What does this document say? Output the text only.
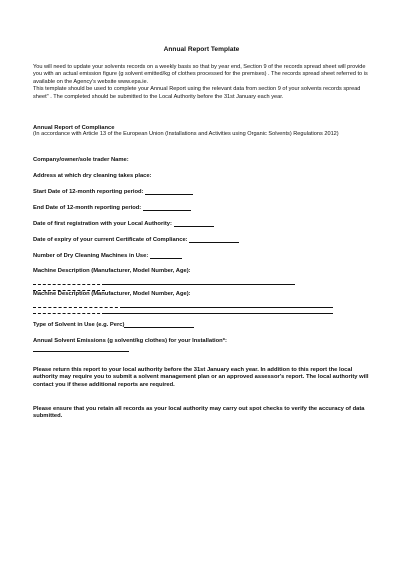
Annual Report Template

You will need to update your solvents records on a weekly basis so that by year end, Section 9 of the records spread sheet will provide you with an actual emission figure (g solvent emitted/kg of clothes processed for the premises) . The records spread sheet referred to is available on the Agency's website www.epa.ie.

This template should be used to complete your Annual Report using the relevant data from section 9 of your solvents records spread sheet" . The completed should be submitted to the Local Authority before the 31st January each year.

Annual Report of Compliance
(In accordance with Article 13 of the European Union (Installations and Activities using Organic Solvents) Regulations 2012)
Company/owner/sole trader Name:
Address at which dry cleaning takes place:
Start Date of 12-month reporting period:
End Date of 12-month reporting period:
Date of first registration with your Local Authority:
Date of expiry of your current Certificate of Compliance:
Number of Dry Cleaning Machines in Use:
Machine Description (Manufacturer, Model Number, Age):
Machine Description (Manufacturer, Model Number, Age):
Type of Solvent in Use (e.g. Perc)
Annual Solvent Emissions (g solvent/kg clothes) for your Installation*:
Please return this report to your local authority before the 31st January each year. In addition to this report the local authority may require you to submit a solvent management plan or an approved assessor's report. The local authority will contact you if these additional reports are required.
Please ensure that you retain all records as your local authority may carry out spot checks to verify the accuracy of data submitted.
